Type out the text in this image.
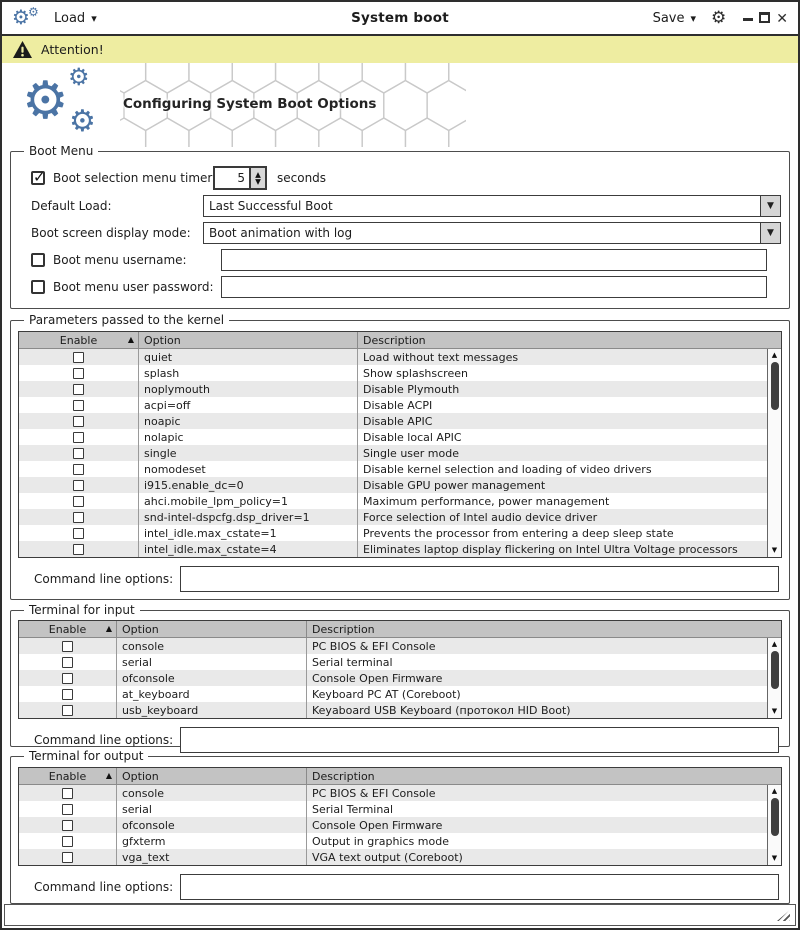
⚙
⚙ Load ▾	System boot	Save ▾ ⚙	✕
Attention!
⚙ ⚙
⚙ Configuring System Boot Options
Boot Menu
✓ Boot selection menu timer	5	▲
▼ seconds
Default Load:	Last Successful Boot	▼
Boot screen display mode:	Boot animation with log	▼
Boot menu username:
Boot menu user password:
Parameters passed to the kernel
Enable	▲ Option	Description
quiet	Load without text messages
splash	Show splashscreen
noplymouth	Disable Plymouth
acpi=off	Disable ACPI
noapic	Disable APIC
nolapic	Disable local APIC
single	Single user mode
nomodeset	Disable kernel selection and loading of video drivers
i915.enable_dc=0	Disable GPU power management
ahci.mobile_lpm_policy=1	Maximum performance, power management
snd-intel-dspcfg.dsp_driver=1	Force selection of Intel audio device driver
intel_idle.max_cstate=1	Prevents the processor from entering a deep sleep state
intel_idle.max_cstate=4	Eliminates laptop display flickering on Intel Ultra Voltage processors
▲
▼
Command line options:
Terminal for input
Enable ▲ Option	Description
console	PC BIOS & EFI Console
serial	Serial terminal
ofconsole	Console Open Firmware
at_keyboard	Keyboard PC AT (Coreboot)
usb_keyboard	Keyaboard USB Keyboard (протокол HID Boot)
▲
▼
Command line options:
Terminal for output
Enable ▲ Option	Description
console	PC BIOS & EFI Console
serial	Serial Terminal
ofconsole	Console Open Firmware
gfxterm	Output in graphics mode
vga_text	VGA text output (Coreboot)
▲
▼
Command line options:
